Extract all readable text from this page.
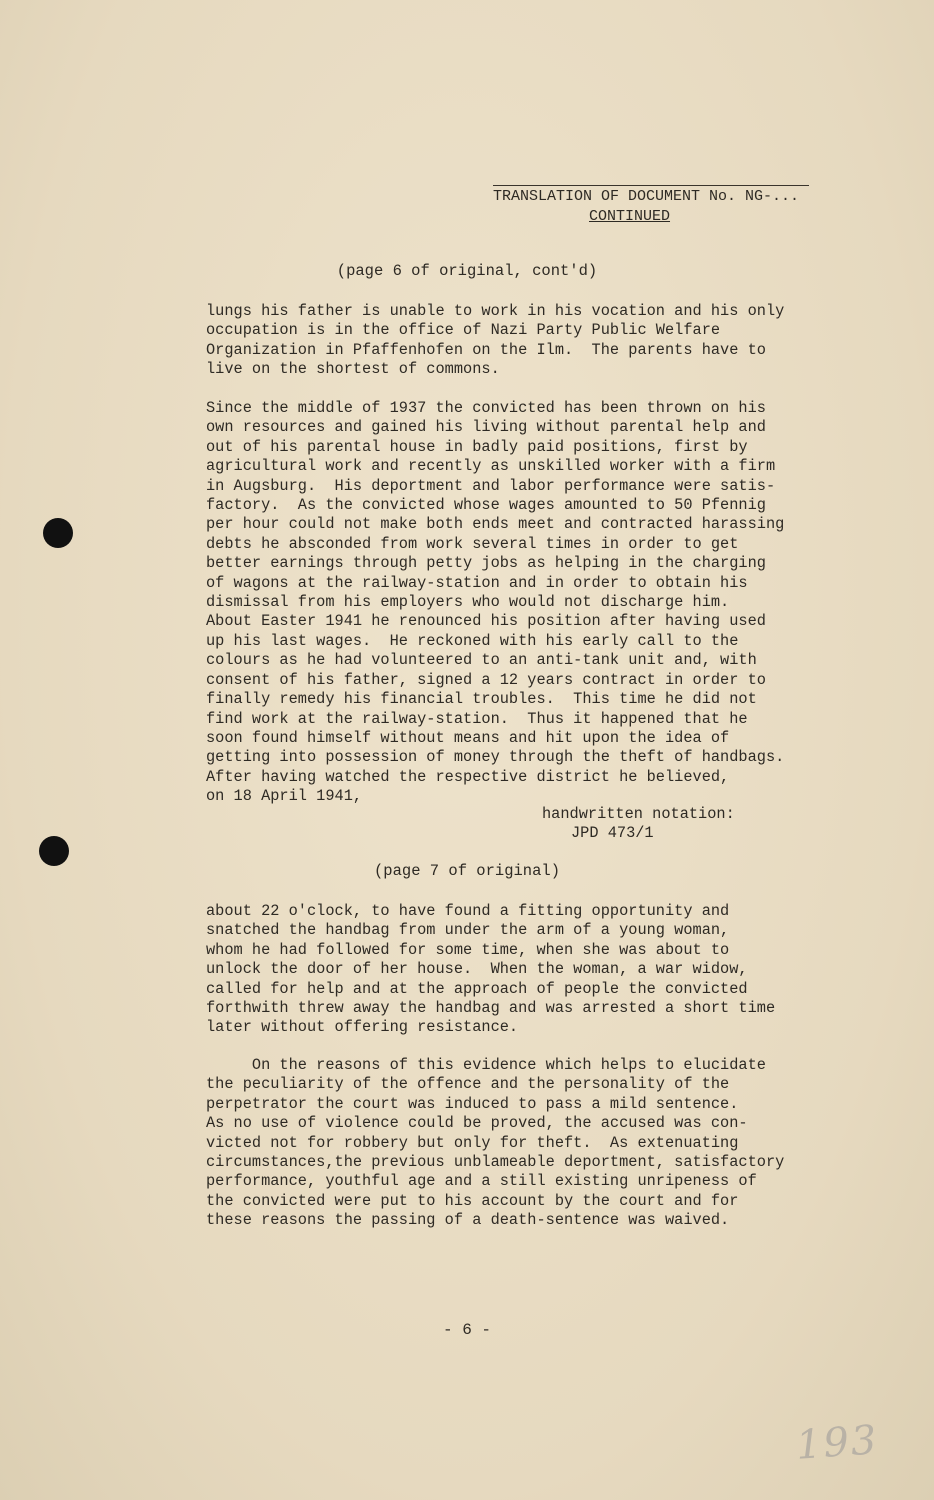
TRANSLATION OF DOCUMENT No. NG-...
CONTINUED
(page 6 of original, cont'd)
lungs his father is unable to work in his vocation and his only
occupation is in the office of Nazi Party Public Welfare
Organization in Pfaffenhofen on the Ilm.  The parents have to
live on the shortest of commons.
Since the middle of 1937 the convicted has been thrown on his
own resources and gained his living without parental help and
out of his parental house in badly paid positions, first by
agricultural work and recently as unskilled worker with a firm
in Augsburg.  His deportment and labor performance were satis-
factory.  As the convicted whose wages amounted to 50 Pfennig
per hour could not make both ends meet and contracted harassing
debts he absconded from work several times in order to get
better earnings through petty jobs as helping in the charging
of wagons at the railway-station and in order to obtain his
dismissal from his employers who would not discharge him.
About Easter 1941 he renounced his position after having used
up his last wages.  He reckoned with his early call to the
colours as he had volunteered to an anti-tank unit and, with
consent of his father, signed a 12 years contract in order to
finally remedy his financial troubles.  This time he did not
find work at the railway-station.  Thus it happened that he
soon found himself without means and hit upon the idea of
getting into possession of money through the theft of handbags.
After having watched the respective district he believed,
on 18 April 1941,
handwritten notation:
JPD 473/1
(page 7 of original)
about 22 o'clock, to have found a fitting opportunity and
snatched the handbag from under the arm of a young woman,
whom he had followed for some time, when she was about to
unlock the door of her house.  When the woman, a war widow,
called for help and at the approach of people the convicted
forthwith threw away the handbag and was arrested a short time
later without offering resistance.
On the reasons of this evidence which helps to elucidate
the peculiarity of the offence and the personality of the
perpetrator the court was induced to pass a mild sentence.
As no use of violence could be proved, the accused was con-
victed not for robbery but only for theft.  As extenuating
circumstances,the previous unblameable deportment, satisfactory
performance, youthful age and a still existing unripeness of
the convicted were put to his account by the court and for
these reasons the passing of a death-sentence was waived.
- 6 -
193
